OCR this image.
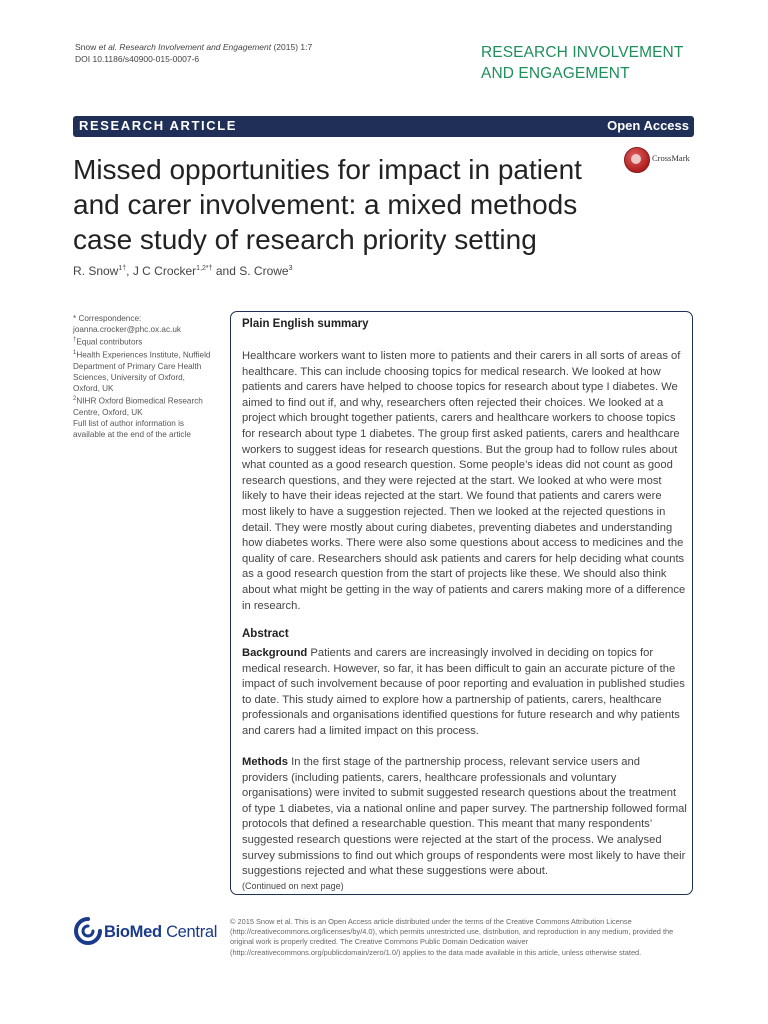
Snow et al. Research Involvement and Engagement (2015) 1:7
DOI 10.1186/s40900-015-0007-6	RESEARCH INVOLVEMENT
AND ENGAGEMENT
RESEARCH ARTICLE	Open Access
Missed opportunities for impact in patient and carer involvement: a mixed methods case study of research priority setting
CrossMark
R. Snow$^{1\dagger}$, J C Crocker$^{1,2*\dagger}$ and S. Crowe$^3$

* Correspondence: joanna.crocker@phc.ox.ac.uk

†Equal contributors

$^1$Health Experiences Institute, Nuffield Department of Primary Care Health Sciences, University of Oxford, Oxford, UK

$^2$NIHR Oxford Biomedical Research Centre, Oxford, UK

Full list of author information is available at the end of the article

Plain English summary

Healthcare workers want to listen more to patients and their carers in all sorts of areas of healthcare. This can include choosing topics for medical research. We looked at how patients and carers have helped to choose topics for research about type I diabetes. We aimed to find out if, and why, researchers often rejected their choices. We looked at a project which brought together patients, carers and healthcare workers to choose topics for research about type 1 diabetes. The group first asked patients, carers and healthcare workers to suggest ideas for research questions. But the group had to follow rules about what counted as a good research question. Some people’s ideas did not count as good research questions, and they were rejected at the start. We looked at who were most likely to have their ideas rejected at the start. We found that patients and carers were most likely to have a suggestion rejected. Then we looked at the rejected questions in detail. They were mostly about curing diabetes, preventing diabetes and understanding how diabetes works. There were also some questions about access to medicines and the quality of care. Researchers should ask patients and carers for help deciding what counts as a good research question from the start of projects like these. We should also think about what might be getting in the way of patients and carers making more of a difference in research.

Abstract

Background Patients and carers are increasingly involved in deciding on topics for medical research. However, so far, it has been difficult to gain an accurate picture of the impact of such involvement because of poor reporting and evaluation in published studies to date. This study aimed to explore how a partnership of patients, carers, healthcare professionals and organisations identified questions for future research and why patients and carers had a limited impact on this process.

Methods In the first stage of the partnership process, relevant service users and providers (including patients, carers, healthcare professionals and voluntary organisations) were invited to submit suggested research questions about the treatment of type 1 diabetes, via a national online and paper survey. The partnership followed formal protocols that defined a researchable question. This meant that many respondents’ suggested research questions were rejected at the start of the process. We analysed survey submissions to find out which groups of respondents were most likely to have their suggestions rejected and what these suggestions were about.

(Continued on next page)
BioMed Central
© 2015 Snow et al. This is an Open Access article distributed under the terms of the Creative Commons Attribution License (http://creativecommons.org/licenses/by/4.0), which permits unrestricted use, distribution, and reproduction in any medium, provided the original work is properly credited. The Creative Commons Public Domain Dedication waiver (http://creativecommons.org/publicdomain/zero/1.0/) applies to the data made available in this article, unless otherwise stated.
